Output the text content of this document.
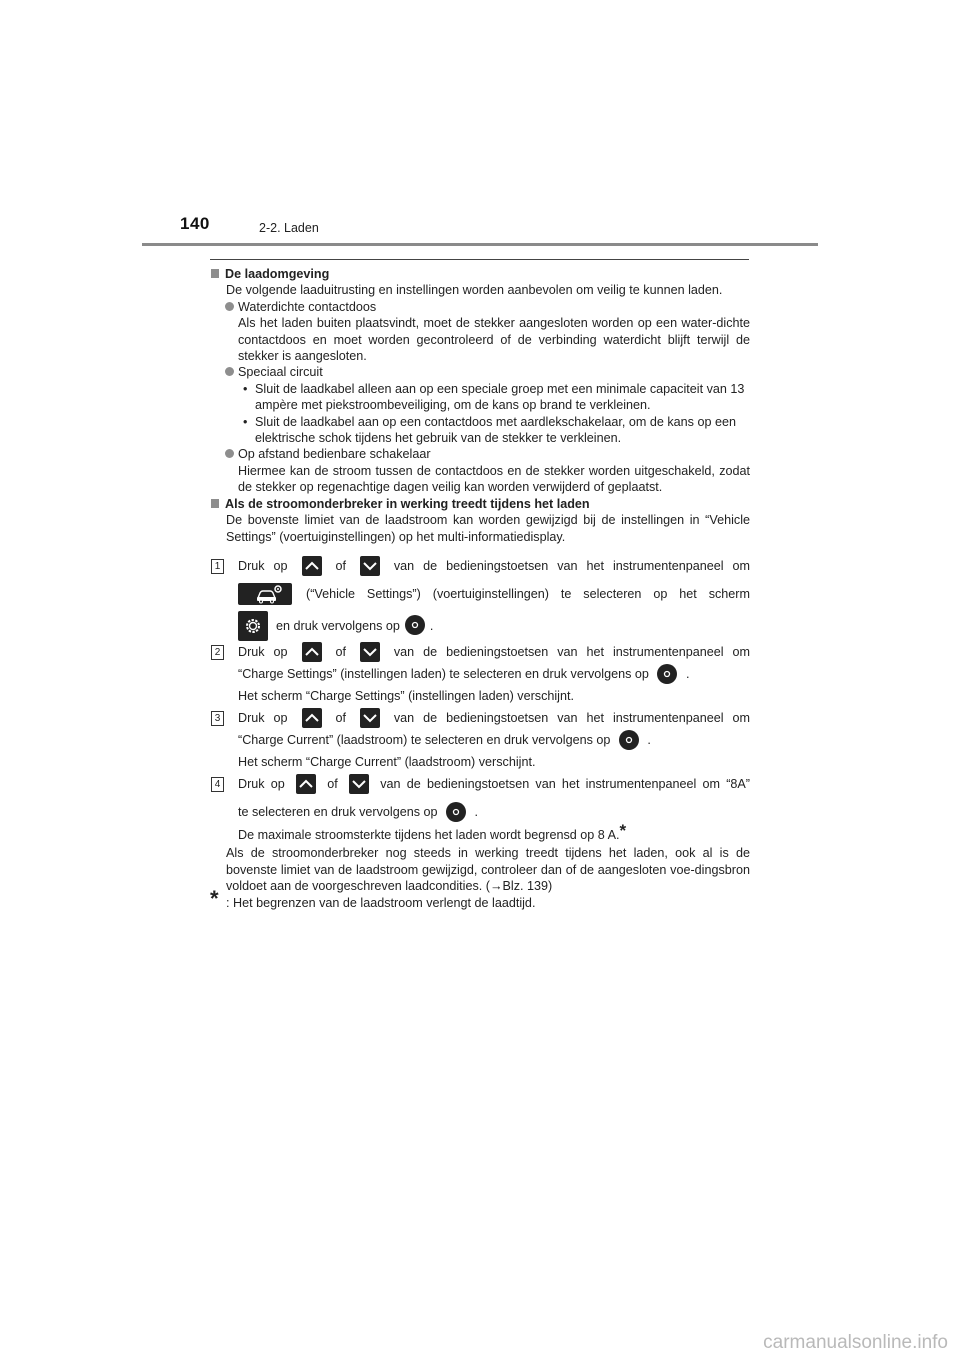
140	2-2. Laden

De laadomgeving

De volgende laaduitrusting en instellingen worden aanbevolen om veilig te kunnen laden.

Waterdichte contactdoos

Als het laden buiten plaatsvindt, moet de stekker aangesloten worden op een water-dichte contactdoos en moet worden gecontroleerd of de verbinding waterdicht blijft terwijl de stekker is aangesloten.

Speciaal circuit

• Sluit de laadkabel alleen aan op een speciale groep met een minimale capaciteit van 13 ampère met piekstroombeveiliging, om de kans op brand te verkleinen.

• Sluit de laadkabel aan op een contactdoos met aardlekschakelaar, om de kans op een elektrische schok tijdens het gebruik van de stekker te verkleinen.

Op afstand bedienbare schakelaar

Hiermee kan de stroom tussen de contactdoos en de stekker worden uitgeschakeld, zodat de stekker op regenachtige dagen veilig kan worden verwijderd of geplaatst.

Als de stroomonderbreker in werking treedt tijdens het laden

De bovenste limiet van de laadstroom kan worden gewijzigd bij de instellingen in “Vehicle Settings” (voertuiginstellingen) op het multi-informatiedisplay.

1 Druk op	of	van de bedieningstoetsen van het instrumentenpaneel om

(“Vehicle Settings”) (voertuiginstellingen) te selecteren op het scherm

en druk vervolgens op .

2 Druk op	of	van de bedieningstoetsen van het instrumentenpaneel om

“Charge Settings” (instellingen laden) te selecteren en druk vervolgens op	.

Het scherm “Charge Settings” (instellingen laden) verschijnt.

3 Druk op	of	van de bedieningstoetsen van het instrumentenpaneel om

“Charge Current” (laadstroom) te selecteren en druk vervolgens op	.

Het scherm “Charge Current” (laadstroom) verschijnt.

4 Druk op	of	van de bedieningstoetsen van het instrumentenpaneel om “8A”

te selecteren en druk vervolgens op	.

De maximale stroomsterkte tijdens het laden wordt begrensd op 8 A.*

Als de stroomonderbreker nog steeds in werking treedt tijdens het laden, ook al is de bovenste limiet van de laadstroom gewijzigd, controleer dan of de aangesloten voe-dingsbron voldoet aan de voorgeschreven laadcondities. (→Blz. 139)

* : Het begrenzen van de laadstroom verlengt de laadtijd.

carmanualsonline.info
